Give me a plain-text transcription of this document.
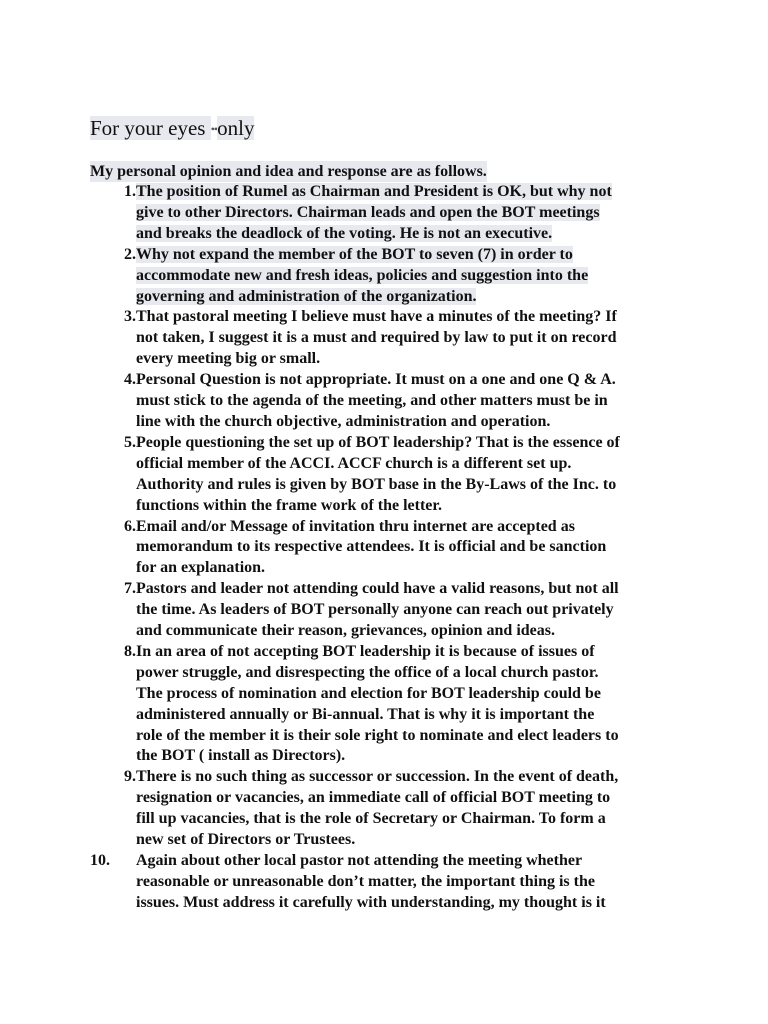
For your eyes ••only
My personal opinion and idea and response are as follows.
1. The position of Rumel as Chairman and President is OK, but why not
give to other Directors. Chairman leads and open the BOT meetings
and breaks the deadlock of the voting. He is not an executive.
2. Why not expand the member of the BOT to seven (7) in order to
accommodate new and fresh ideas, policies and suggestion into the
governing and administration of the organization.
3. That pastoral meeting I believe must have a minutes of the meeting? If
not taken, I suggest it is a must and required by law to put it on record
every meeting big or small.
4. Personal Question is not appropriate. It must on a one and one Q & A.
must stick to the agenda of the meeting, and other matters must be in
line with the church objective, administration and operation.
5. People questioning the set up of BOT leadership? That is the essence of
official member of the ACCI. ACCF church is a different set up.
Authority and rules is given by BOT base in the By-Laws of the Inc. to
functions within the frame work of the letter.
6. Email and/or Message of invitation thru internet are accepted as
memorandum to its respective attendees. It is official and be sanction
for an explanation.
7. Pastors and leader not attending could have a valid reasons, but not all
the time. As leaders of BOT personally anyone can reach out privately
and communicate their reason, grievances, opinion and ideas.
8. In an area of not accepting BOT leadership it is because of issues of
power struggle, and disrespecting the office of a local church pastor.
The process of nomination and election for BOT leadership could be
administered annually or Bi-annual. That is why it is important the
role of the member it is their sole right to nominate and elect leaders to
the BOT ( install as Directors).
9. There is no such thing as successor or succession. In the event of death,
resignation or vacancies, an immediate call of official BOT meeting to
fill up vacancies, that is the role of Secretary or Chairman. To form a
new set of Directors or Trustees.
10. Again about other local pastor not attending the meeting whether
reasonable or unreasonable don’t matter, the important thing is the
issues. Must address it carefully with understanding, my thought is it
